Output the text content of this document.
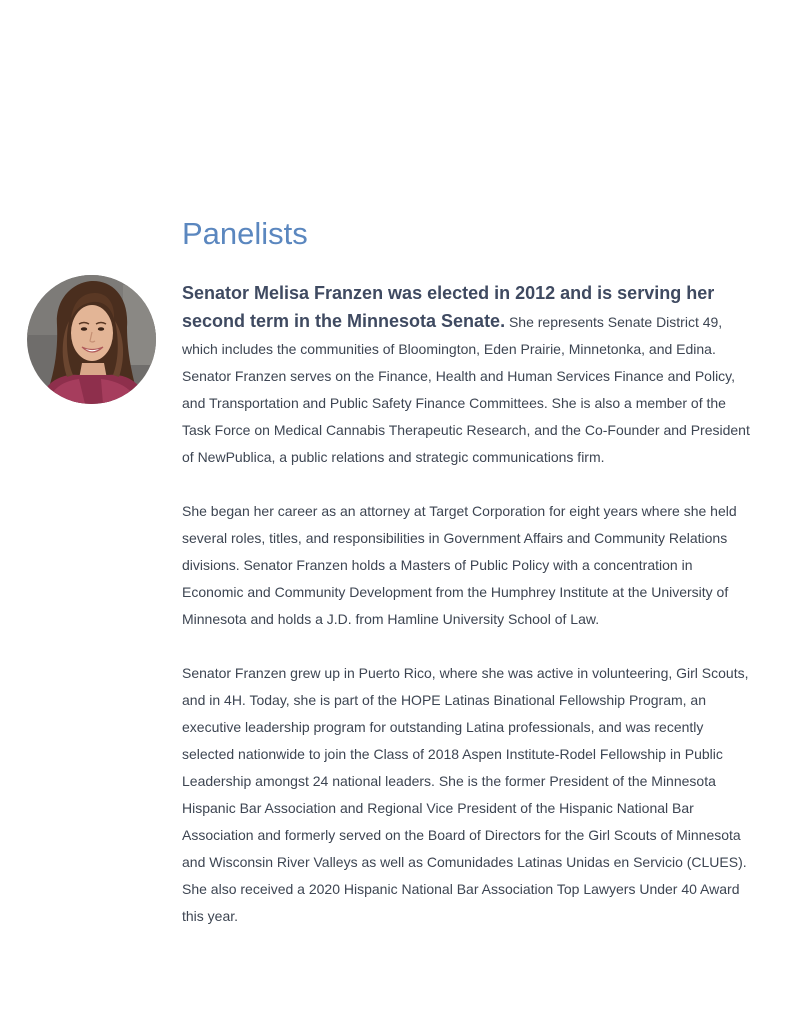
Panelists

Senator Melisa Franzen was elected in 2012 and is serving her second term in the Minnesota Senate. She represents Senate District 49, which includes the communities of Bloomington, Eden Prairie, Minnetonka, and Edina. Senator Franzen serves on the Finance, Health and Human Services Finance and Policy, and Transportation and Public Safety Finance Committees. She is also a member of the Task Force on Medical Cannabis Therapeutic Research, and the Co-Founder and President of NewPublica, a public relations and strategic communications firm.

She began her career as an attorney at Target Corporation for eight years where she held several roles, titles, and responsibilities in Government Affairs and Community Relations divisions. Senator Franzen holds a Masters of Public Policy with a concentration in Economic and Community Development from the Humphrey Institute at the University of Minnesota and holds a J.D. from Hamline University School of Law.

Senator Franzen grew up in Puerto Rico, where she was active in volunteering, Girl Scouts, and in 4H. Today, she is part of the HOPE Latinas Binational Fellowship Program, an executive leadership program for outstanding Latina professionals, and was recently selected nationwide to join the Class of 2018 Aspen Institute-Rodel Fellowship in Public Leadership amongst 24 national leaders. She is the former President of the Minnesota Hispanic Bar Association and Regional Vice President of the Hispanic National Bar Association and formerly served on the Board of Directors for the Girl Scouts of Minnesota and Wisconsin River Valleys as well as Comunidades Latinas Unidas en Servicio (CLUES). She also received a 2020 Hispanic National Bar Association Top Lawyers Under 40 Award this year.
